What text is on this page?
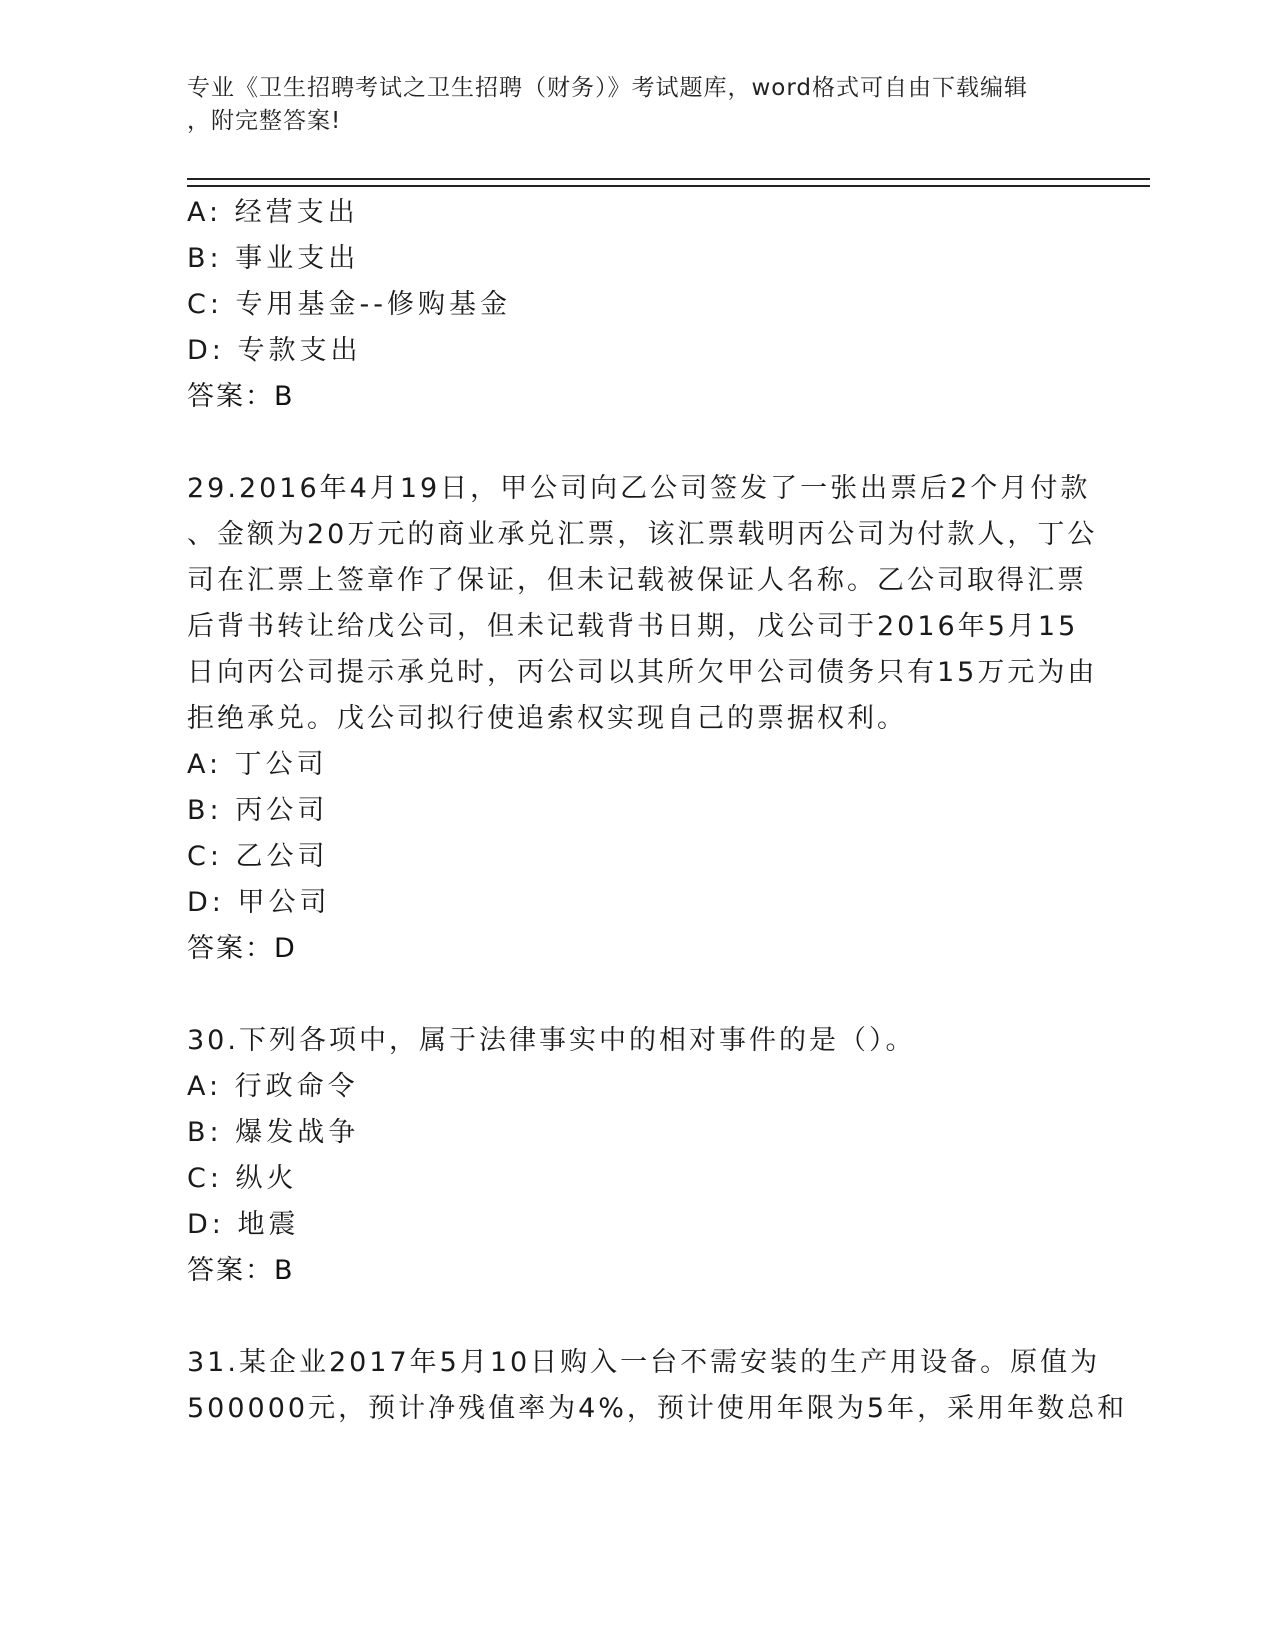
专业《卫生招聘考试之卫生招聘（财务）》考试题库，word格式可自由下载编辑
，附完整答案!
A: 经营支出
B: 事业支出
C: 专用基金--修购基金
D: 专款支出
答案：B
29.2016年4月19日，甲公司向乙公司签发了一张出票后2个月付款
、金额为20万元的商业承兑汇票，该汇票载明丙公司为付款人，丁公
司在汇票上签章作了保证，但未记载被保证人名称。乙公司取得汇票
后背书转让给戊公司，但未记载背书日期，戊公司于2016年5月15
日向丙公司提示承兑时，丙公司以其所欠甲公司债务只有15万元为由
拒绝承兑。戊公司拟行使追索权实现自己的票据权利。
A: 丁公司
B: 丙公司
C: 乙公司
D: 甲公司
答案：D
30.下列各项中，属于法律事实中的相对事件的是（）。
A: 行政命令
B: 爆发战争
C: 纵火
D: 地震
答案：B
31.某企业2017年5月10日购入一台不需安装的生产用设备。原值为
500000元，预计净残值率为4%，预计使用年限为5年，采用年数总和
